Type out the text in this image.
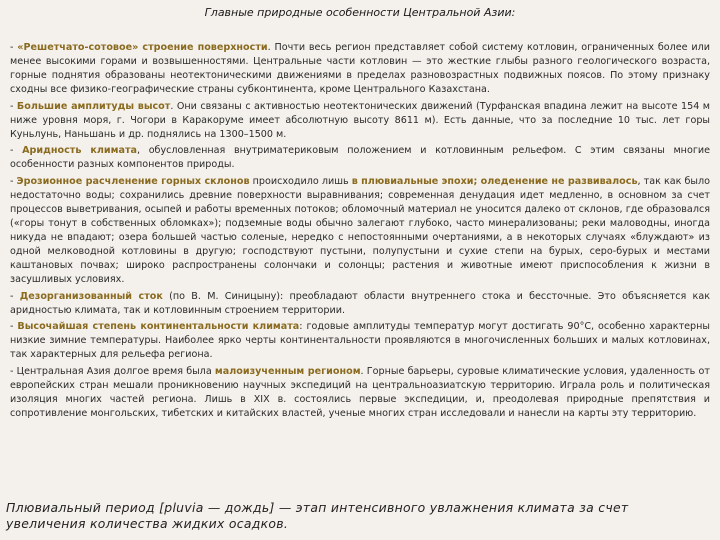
Главные природные особенности Центральной Азии:

- «Решетчато-сотовое» строение поверхности. Почти весь регион представляет собой систему котловин, ограниченных более или менее высокими горами и возвышенностями. Центральные части котловин — это жесткие глыбы разного геологического возраста, горные поднятия образованы неотектоническими движениями в пределах разновозрастных подвижных поясов. По этому признаку сходны все физико-географические страны субконтинента, кроме Центрального Казахстана.

- Большие амплитуды высот. Они связаны с активностью неотектонических движений (Турфанская впадина лежит на высоте 154 м ниже уровня моря, г. Чогори в Каракоруме имеет абсолютную высоту 8611 м). Есть данные, что за последние 10 тыс. лет горы Куньлунь, Наньшань и др. поднялись на 1300–1500 м.

- Аридность климата, обусловленная внутриматериковым положением и котловинным рельефом. С этим связаны многие особенности разных компонентов природы.

- Эрозионное расчленение горных склонов происходило лишь в плювиальные эпохи; оледенение не развивалось, так как было недостаточно воды; сохранились древние поверхности выравнивания; современная денудация идет медленно, в основном за счет процессов выветривания, осыпей и работы временных потоков; обломочный материал не уносится далеко от склонов, где образовался («горы тонут в собственных обломках»); подземные воды обычно залегают глубоко, часто минерализованы; реки маловодны, иногда никуда не впадают; озера большей частью соленые, нередко с непостоянными очертаниями, а в некоторых случаях «блуждают» из одной мелководной котловины в другую; господствуют пустыни, полупустыни и сухие степи на бурых, серо-бурых и местами каштановых почвах; широко распространены солончаки и солонцы; растения и животные имеют приспособления к жизни в засушливых условиях.

- Дезорганизованный сток (по В. М. Синицыну): преобладают области внутреннего стока и бессточные. Это объясняется как аридностью климата, так и котловинным строением территории.

- Высочайшая степень континентальности климата: годовые амплитуды температур могут достигать 90°С, особенно характерны низкие зимние температуры. Наиболее ярко черты континентальности проявляются в многочисленных больших и малых котловинах, так характерных для рельефа региона.

- Центральная Азия долгое время была малоизученным регионом. Горные барьеры, суровые климатические условия, удаленность от европейских стран мешали проникновению научных экспедиций на центральноазиатскую территорию. Играла роль и политическая изоляция многих частей региона. Лишь в XIX в. состоялись первые экспедиции, и, преодолевая природные препятствия и сопротивление монгольских, тибетских и китайских властей, ученые многих стран исследовали и нанесли на карты эту территорию.

Плювиальный период [pluvia — дождь] — этап интенсивного увлажнения климата за счет увеличения количества жидких осадков.
